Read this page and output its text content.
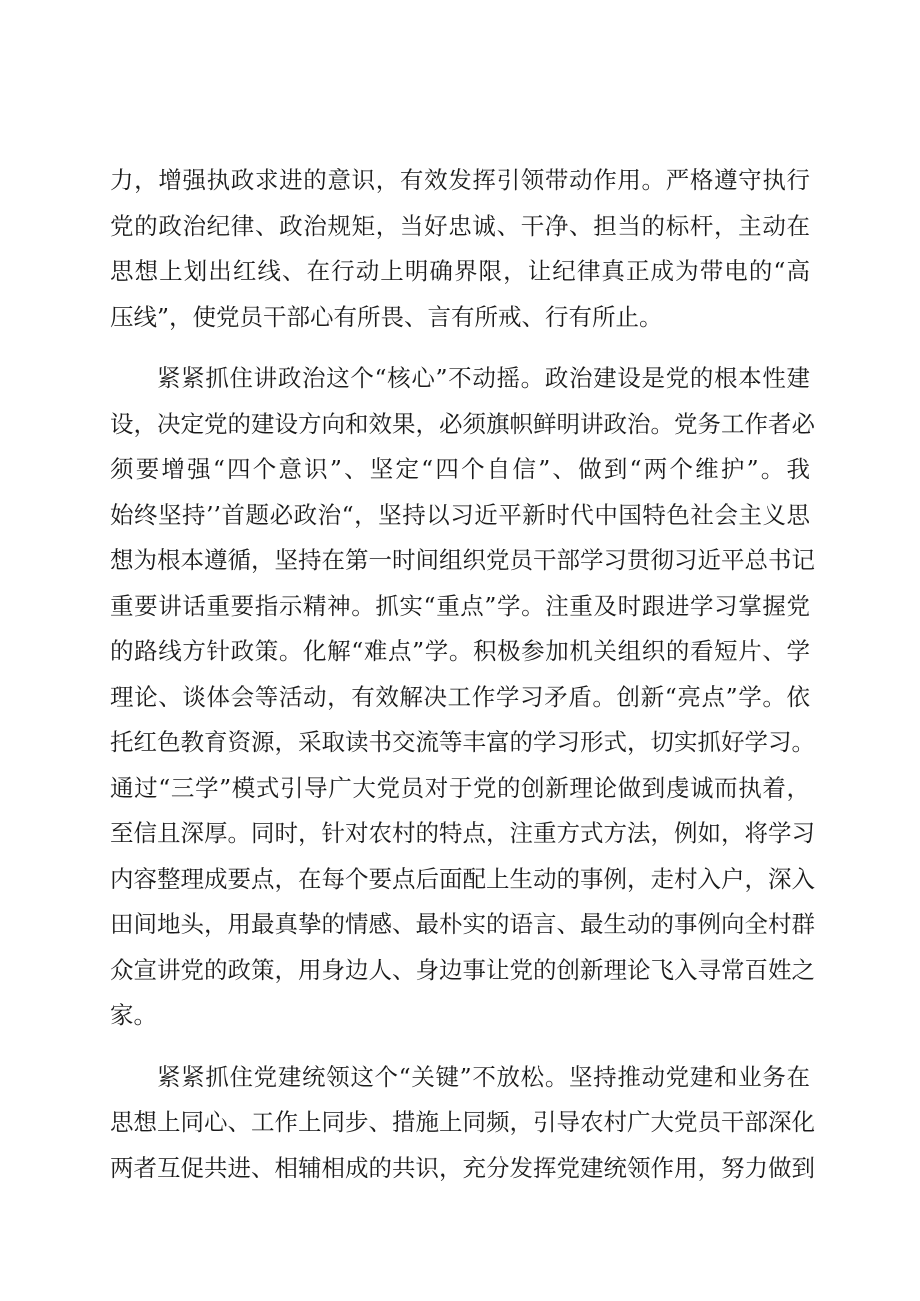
力，增强执政求进的意识，有效发挥引领带动作用。严格遵守执行
党的政治纪律、政治规矩，当好忠诚、干净、担当的标杆，主动在
思想上划出红线、在行动上明确界限，让纪律真正成为带电的“高
压线”，使党员干部心有所畏、言有所戒、行有所止。
紧紧抓住讲政治这个“核心”不动摇。政治建设是党的根本性建
设，决定党的建设方向和效果，必须旗帜鲜明讲政治。党务工作者必
须要增强“四个意识”、坚定“四个自信”、做到“两个维护”。我
始终坚持’’首题必政治“，坚持以习近平新时代中国特色社会主义思
想为根本遵循，坚持在第一时间组织党员干部学习贯彻习近平总书记
重要讲话重要指示精神。抓实“重点”学。注重及时跟进学习掌握党
的路线方针政策。化解“难点”学。积极参加机关组织的看短片、学
理论、谈体会等活动，有效解决工作学习矛盾。创新“亮点”学。依
托红色教育资源，采取读书交流等丰富的学习形式，切实抓好学习。
通过“三学”模式引导广大党员对于党的创新理论做到虔诚而执着，
至信且深厚。同时，针对农村的特点，注重方式方法，例如，将学习
内容整理成要点，在每个要点后面配上生动的事例，走村入户，深入
田间地头，用最真挚的情感、最朴实的语言、最生动的事例向全村群
众宣讲党的政策，用身边人、身边事让党的创新理论飞入寻常百姓之
家。
紧紧抓住党建统领这个“关键”不放松。坚持推动党建和业务在
思想上同心、工作上同步、措施上同频，引导农村广大党员干部深化
两者互促共进、相辅相成的共识，充分发挥党建统领作用，努力做到
